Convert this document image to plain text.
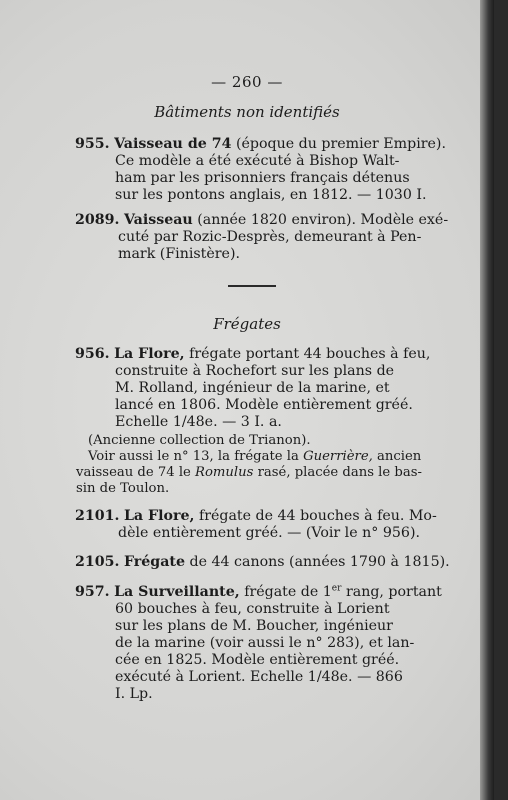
— 260 —
Bâtiments non identifiés
955. Vaisseau de 74 (époque du premier Empire).
Ce modèle a été exécuté à Bishop Walt-
ham par les prisonniers français détenus
sur les pontons anglais, en 1812. — 1030 I.
2089. Vaisseau (année 1820 environ). Modèle exé-
cuté par Rozic-Desprès, demeurant à Pen-
mark (Finistère).
Frégates
956. La Flore, frégate portant 44 bouches à feu,
construite à Rochefort sur les plans de
M. Rolland, ingénieur de la marine, et
lancé en 1806. Modèle entièrement gréé.
Echelle 1/48e. — 3 I. a.
(Ancienne collection de Trianon).
Voir aussi le n° 13, la frégate la Guerrière, ancien
vaisseau de 74 le Romulus rasé, placée dans le bas-
sin de Toulon.
2101. La Flore, frégate de 44 bouches à feu. Mo-
dèle entièrement gréé. — (Voir le n° 956).
2105. Frégate de 44 canons (années 1790 à 1815).
957. La Surveillante, frégate de 1er rang, portant
60 bouches à feu, construite à Lorient
sur les plans de M. Boucher, ingénieur
de la marine (voir aussi le n° 283), et lan-
cée en 1825. Modèle entièrement gréé.
exécuté à Lorient. Echelle 1/48e. — 866
I. Lp.
